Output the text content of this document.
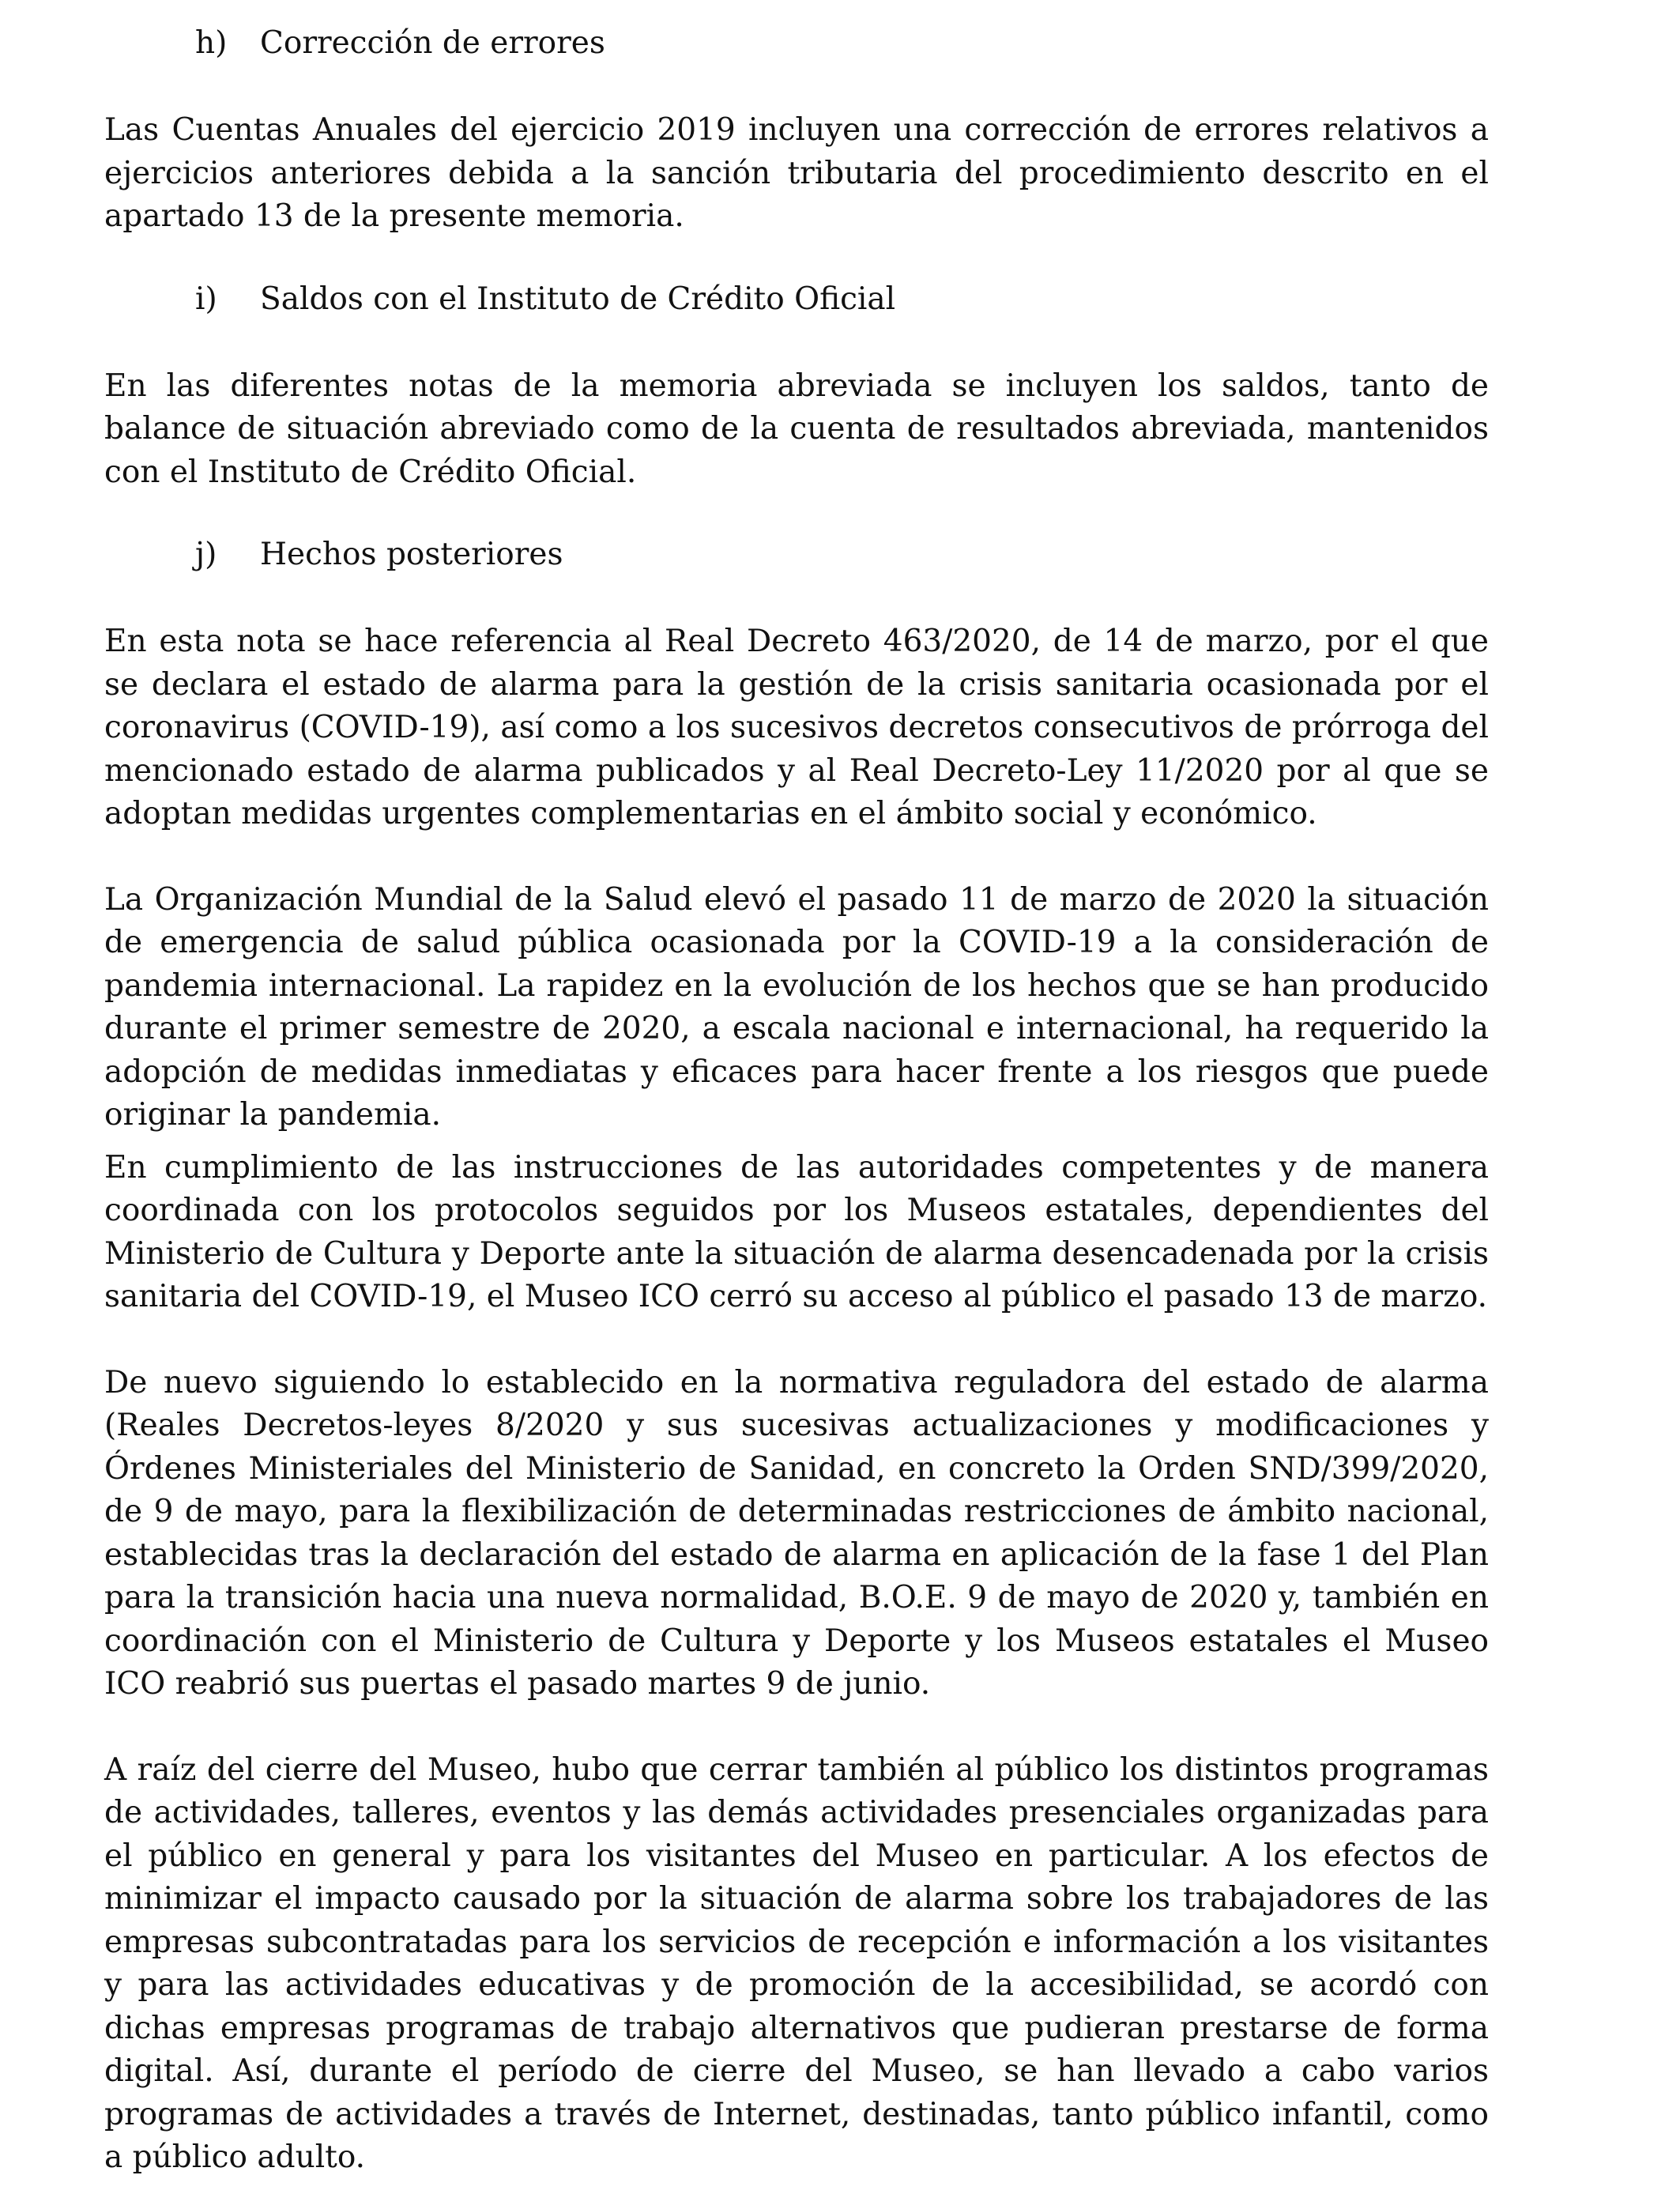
h)	Corrección de errores

Las Cuentas Anuales del ejercicio 2019 incluyen una corrección de errores relativos a ejercicios anteriores debida a la sanción tributaria del procedimiento descrito en el apartado 13 de la presente memoria.

i)	Saldos con el Instituto de Crédito Oficial

En las diferentes notas de la memoria abreviada se incluyen los saldos, tanto de balance de situación abreviado como de la cuenta de resultados abreviada, mantenidos con el Instituto de Crédito Oficial.

j)	Hechos posteriores

En esta nota se hace referencia al Real Decreto 463/2020, de 14 de marzo, por el que se declara el estado de alarma para la gestión de la crisis sanitaria ocasionada por el coronavirus (COVID-19), así como a los sucesivos decretos consecutivos de prórroga del mencionado estado de alarma publicados y al Real Decreto-Ley 11/2020 por al que se adoptan medidas urgentes complementarias en el ámbito social y económico.

La Organización Mundial de la Salud elevó el pasado 11 de marzo de 2020 la situación de emergencia de salud pública ocasionada por la COVID-19 a la consideración de pandemia internacional. La rapidez en la evolución de los hechos que se han producido durante el primer semestre de 2020, a escala nacional e internacional, ha requerido la adopción de medidas inmediatas y eficaces para hacer frente a los riesgos que puede originar la pandemia.

En cumplimiento de las instrucciones de las autoridades competentes y de manera coordinada con los protocolos seguidos por los Museos estatales, dependientes del Ministerio de Cultura y Deporte ante la situación de alarma desencadenada por la crisis sanitaria del COVID-19, el Museo ICO cerró su acceso al público el pasado 13 de marzo.

De nuevo siguiendo lo establecido en la normativa reguladora del estado de alarma (Reales Decretos-leyes 8/2020 y sus sucesivas actualizaciones y modificaciones y Órdenes Ministeriales del Ministerio de Sanidad, en concreto la Orden SND/399/2020, de 9 de mayo, para la flexibilización de determinadas restricciones de ámbito nacional, establecidas tras la declaración del estado de alarma en aplicación de la fase 1 del Plan para la transición hacia una nueva normalidad, B.O.E. 9 de mayo de 2020 y, también en coordinación con el Ministerio de Cultura y Deporte y los Museos estatales el Museo ICO reabrió sus puertas el pasado martes 9 de junio.

A raíz del cierre del Museo, hubo que cerrar también al público los distintos programas de actividades, talleres, eventos y las demás actividades presenciales organizadas para el público en general y para los visitantes del Museo en particular. A los efectos de minimizar el impacto causado por la situación de alarma sobre los trabajadores de las empresas subcontratadas para los servicios de recepción e información a los visitantes y para las actividades educativas y de promoción de la accesibilidad, se acordó con dichas empresas programas de trabajo alternativos que pudieran prestarse de forma digital. Así, durante el período de cierre del Museo, se han llevado a cabo varios programas de actividades a través de Internet, destinadas, tanto público infantil, como a público adulto.
